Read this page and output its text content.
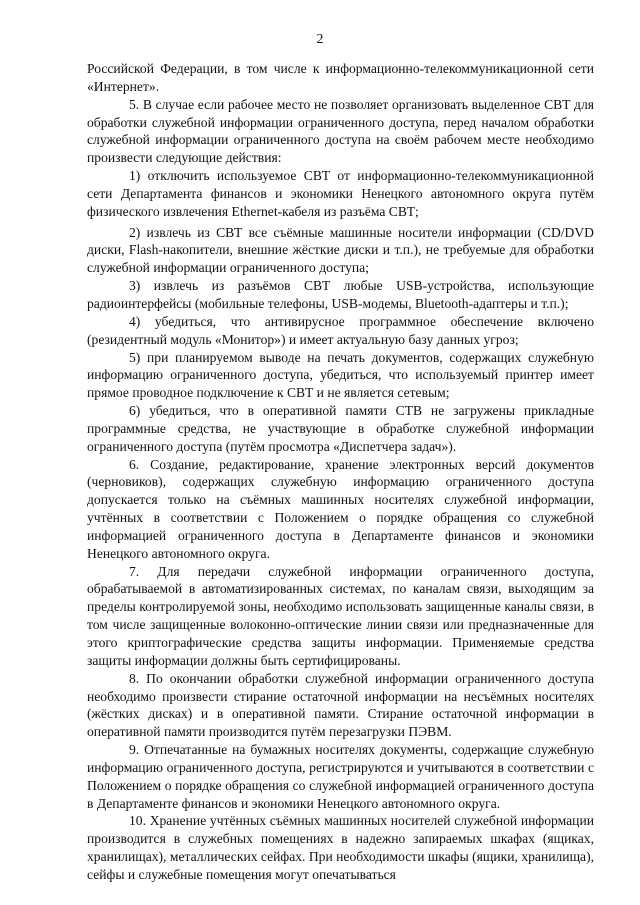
2

Российской Федерации, в том числе к информационно-телекоммуникационной сети «Интернет».

5. В случае если рабочее место не позволяет организовать выделенное СВТ для обработки служебной информации ограниченного доступа, перед началом обработки служебной информации ограниченного доступа на своём рабочем месте необходимо произвести следующие действия:

1) отключить используемое СВТ от информационно-телекоммуникационной сети Департамента финансов и экономики Ненецкого автономного округа путём физического извлечения Ethernet-кабеля из разъёма СВТ;

2) извлечь из СВТ все съёмные машинные носители информации (CD/DVD диски, Flash-накопители, внешние жёсткие диски и т.п.), не требуемые для обработки служебной информации ограниченного доступа;

3) извлечь из разъёмов СВТ любые USB-устройства, использующие радиоинтерфейсы (мобильные телефоны, USB-модемы, Bluetooth-адаптеры и т.п.);

4) убедиться, что антивирусное программное обеспечение включено (резидентный модуль «Монитор») и имеет актуальную базу данных угроз;

5) при планируемом выводе на печать документов, содержащих служебную информацию ограниченного доступа, убедиться, что используемый принтер имеет прямое проводное подключение к СВТ и не является сетевым;

6) убедиться, что в оперативной памяти СТВ не загружены прикладные программные средства, не участвующие в обработке служебной информации ограниченного доступа (путём просмотра «Диспетчера задач»).

6. Создание, редактирование, хранение электронных версий документов (черновиков), содержащих служебную информацию ограниченного доступа допускается только на съёмных машинных носителях служебной информации, учтённых в соответствии с Положением о порядке обращения со служебной информацией ограниченного доступа в Департаменте финансов и экономики Ненецкого автономного округа.

7. Для передачи служебной информации ограниченного доступа, обрабатываемой в автоматизированных системах, по каналам связи, выходящим за пределы контролируемой зоны, необходимо использовать защищенные каналы связи, в том числе защищенные волоконно-оптические линии связи или предназначенные для этого криптографические средства защиты информации. Применяемые средства защиты информации должны быть сертифицированы.

8. По окончании обработки служебной информации ограниченного доступа необходимо произвести стирание остаточной информации на несъёмных носителях (жёстких дисках) и в оперативной памяти. Стирание остаточной информации в оперативной памяти производится путём перезагрузки ПЭВМ.

9. Отпечатанные на бумажных носителях документы, содержащие служебную информацию ограниченного доступа, регистрируются и учитываются в соответствии с Положением о порядке обращения со служебной информацией ограниченного доступа в Департаменте финансов и экономики Ненецкого автономного округа.

10. Хранение учтённых съёмных машинных носителей служебной информации производится в служебных помещениях в надежно запираемых шкафах (ящиках, хранилищах), металлических сейфах. При необходимости шкафы (ящики, хранилища), сейфы и служебные помещения могут опечатываться
